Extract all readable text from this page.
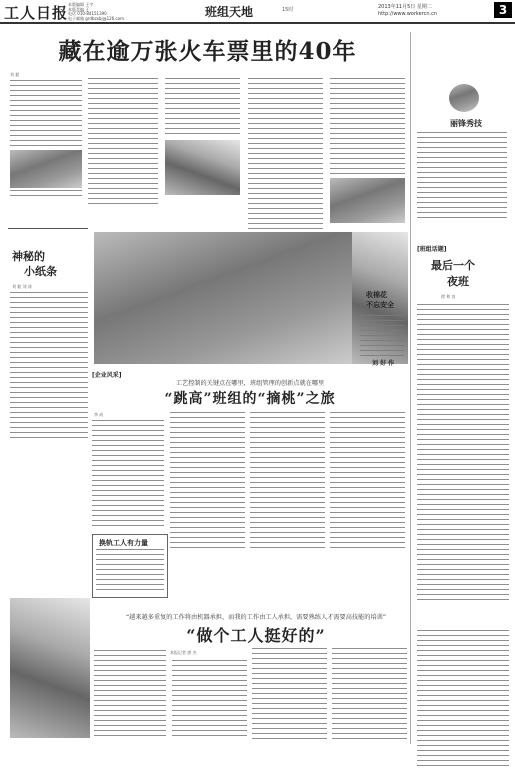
工人日报 本版编辑 王宇
本版美编 王
电话 010-84151390
电子邮箱 grdbzxbj@126.com	班组天地	15时	2013年11月5日 星期二
http://www.workercn.cn	3
藏在逾万张火车票里的40年
刘 毅
神秘的
小纸条
刘 毅 刘 涛
收棉花
不忘安全
刘 好 作
[企业风采]
工艺控制的关键点在哪里，班组管理的创新点就在哪里
“跳高”班组的“摘桃”之旅
李 成
换轨工人有力量
“越来越多重复的工作将由机器承担，而我的工作由工人承担，需要熟练人才需要高技能的培训”
“做个工人挺好的”
本报记者 唐 杰
丽锋秀技
[班组话题]
最后一个
夜班
徐 和 良
